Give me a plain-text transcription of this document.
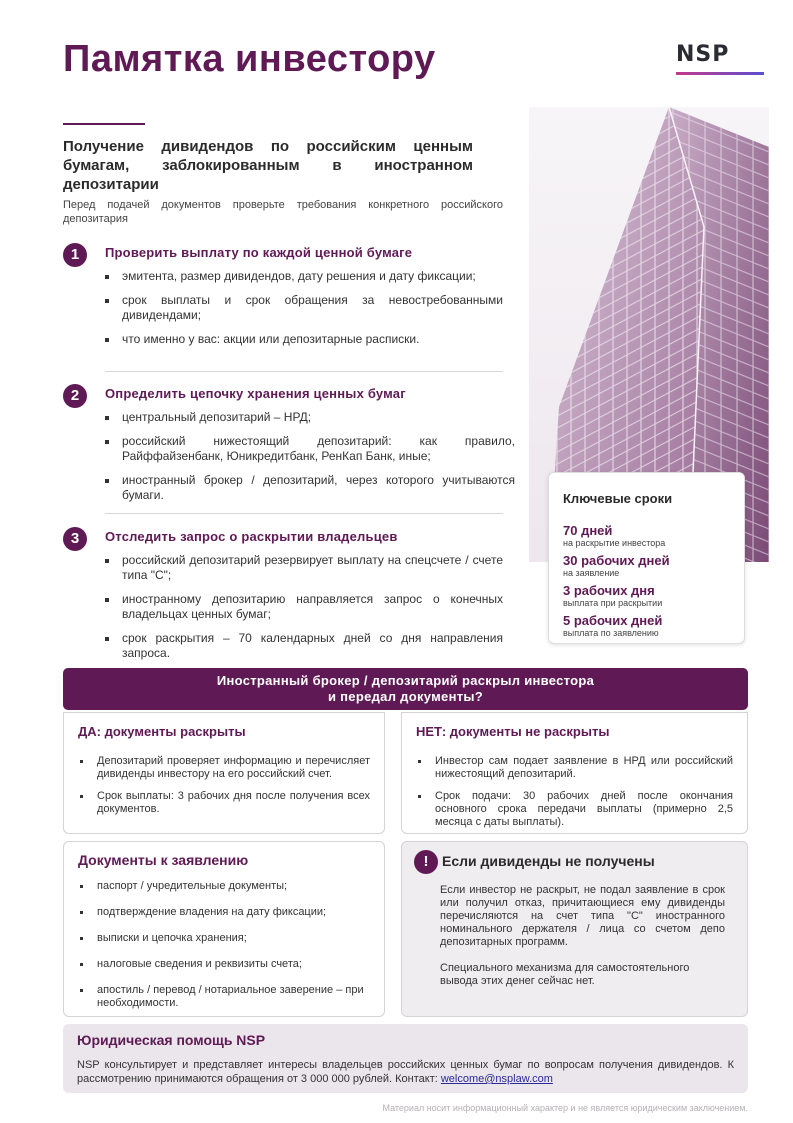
Памятка инвестору	NSP
Получение дивидендов по российским ценным бумагам, заблокированным в иностранном депозитарии
Перед подачей документов проверьте требования конкретного российского депозитария
1	Проверить выплату по каждой ценной бумаге
эмитента, размер дивидендов, дату решения и дату фиксации;
срок выплаты и срок обращения за невостребованными дивидендами;
что именно у вас: акции или депозитарные расписки.
2	Определить цепочку хранения ценных бумаг
центральный депозитарий – НРД;
российский нижестоящий депозитарий: как правило, Райффайзенбанк, Юникредитбанк, РенКап Банк, иные;
иностранный брокер / депозитарий, через которого учитываются бумаги.
3	Отследить запрос о раскрытии владельцев
российский депозитарий резервирует выплату на спецсчете / счете типа "С";
иностранному депозитарию направляется запрос о конечных владельцах ценных бумаг;
срок раскрытия – 70 календарных дней со дня направления запроса.
Ключевые сроки
70 дней
на раскрытие инвестора
30 рабочих дней
на заявление
3 рабочих дня
выплата при раскрытии
5 рабочих дней
выплата по заявлению
Иностранный брокер / депозитарий раскрыл инвестора
и передал документы?
ДА: документы раскрыты
Депозитарий проверяет информацию и перечисляет дивиденды инвестору на его российский счет.
Срок выплаты: 3 рабочих дня после получения всех документов.
НЕТ: документы не раскрыты
Инвестор сам подает заявление в НРД или российский нижестоящий депозитарий.
Срок подачи: 30 рабочих дней после окончания основного срока передачи выплаты (примерно 2,5 месяца с даты выплаты).
Документы к заявлению
паспорт / учредительные документы;
подтверждение владения на дату фиксации;
выписки и цепочка хранения;
налоговые сведения и реквизиты счета;
апостиль / перевод / нотариальное заверение – при необходимости.
! Если дивиденды не получены
Если инвестор не раскрыт, не подал заявление в срок или получил отказ, причитающиеся ему дивиденды перечисляются на счет типа "С" иностранного номинального держателя / лица со счетом депо депозитарных программ.
Специального механизма для самостоятельного вывода этих денег сейчас нет.
Юридическая помощь NSP
NSP консультирует и представляет интересы владельцев российских ценных бумаг по вопросам получения дивидендов. К рассмотрению принимаются обращения от 3 000 000 рублей. Контакт: welcome@nsplaw.com
Материал носит информационный характер и не является юридическим заключением.
